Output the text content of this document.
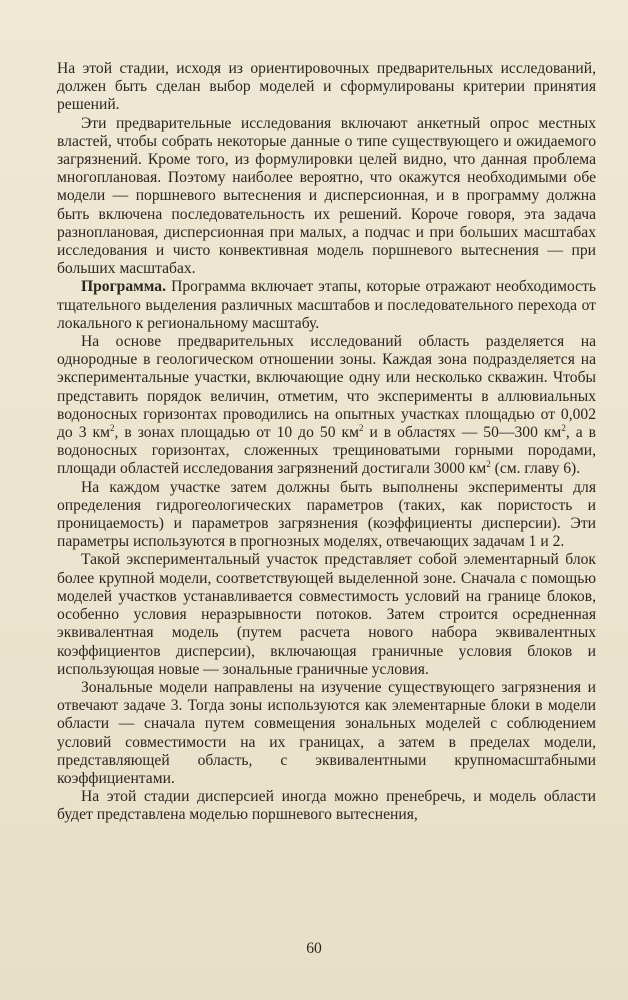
На этой стадии, исходя из ориентировочных предварительных исследований, должен быть сделан выбор моделей и сформулированы критерии принятия решений.

Эти предварительные исследования включают анкетный опрос местных властей, чтобы собрать некоторые данные о типе существующего и ожидаемого загрязнений. Кроме того, из формулировки целей видно, что данная проблема многоплановая. Поэтому наиболее вероятно, что окажутся необходимыми обе модели — поршневого вытеснения и дисперсионная, и в программу должна быть включена последовательность их решений. Короче говоря, эта задача разноплановая, дисперсионная при малых, а подчас и при больших масштабах исследования и чисто конвективная модель поршневого вытеснения — при больших масштабах.

Программа. Программа включает этапы, которые отражают необходимость тщательного выделения различных масштабов и последовательного перехода от локального к региональному масштабу.

На основе предварительных исследований область разделяется на однородные в геологическом отношении зоны. Каждая зона подразделяется на экспериментальные участки, включающие одну или несколько скважин. Чтобы представить порядок величин, отметим, что эксперименты в аллювиальных водоносных горизонтах проводились на опытных участках площадью от 0,002 до 3 $км^2$, в зонах площадью от 10 до 50 $км^2$ и в областях — 50—300 $км^2$, а в водоносных горизонтах, сложенных трещиноватыми горными породами, площади областей исследования загрязнений достигали 3000 $км^2$ (см. главу 6).

На каждом участке затем должны быть выполнены эксперименты для определения гидрогеологических параметров (таких, как пористость и проницаемость) и параметров загрязнения (коэффициенты дисперсии). Эти параметры используются в прогнозных моделях, отвечающих задачам 1 и 2.

Такой экспериментальный участок представляет собой элементарный блок более крупной модели, соответствующей выделенной зоне. Сначала с помощью моделей участков устанавливается совместимость условий на границе блоков, особенно условия неразрывности потоков. Затем строится осредненная эквивалентная модель (путем расчета нового набора эквивалентных коэффициентов дисперсии), включающая граничные условия блоков и использующая новые — зональные граничные условия.

Зональные модели направлены на изучение существующего загрязнения и отвечают задаче 3. Тогда зоны используются как элементарные блоки в модели области — сначала путем совмещения зональных моделей с соблюдением условий совместимости на их границах, а затем в пределах модели, представляющей область, с эквивалентными крупномасштабными коэффициентами.

На этой стадии дисперсией иногда можно пренебречь, и модель области будет представлена моделью поршневого вытеснения,

60
